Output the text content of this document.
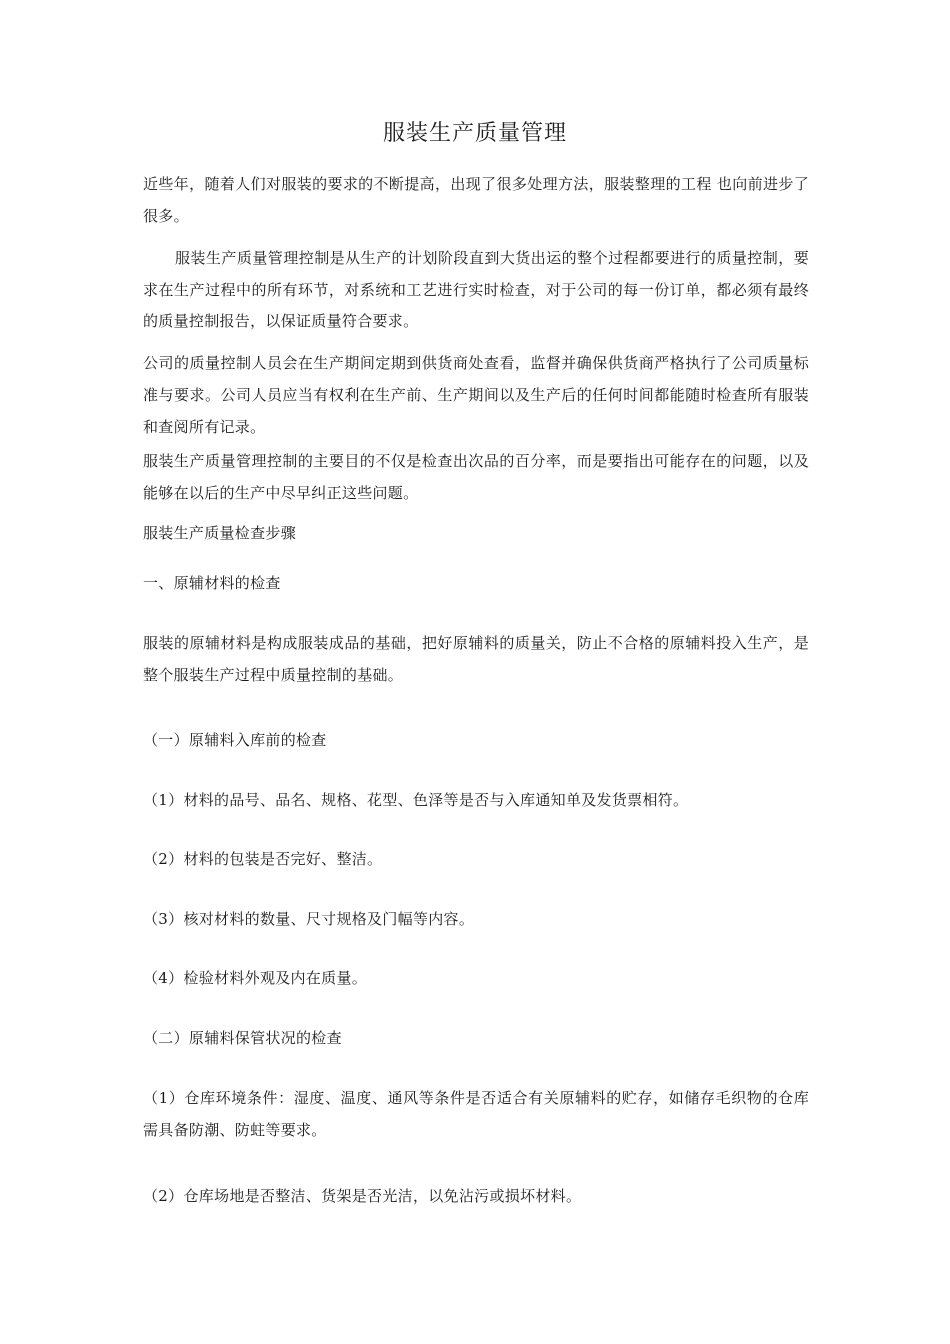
服装生产质量管理

近些年，随着人们对服装的要求的不断提高，出现了很多处理方法，服装整理的工程 也向前进步了很多。

服装生产质量管理控制是从生产的计划阶段直到大货出运的整个过程都要进行的质量控制，要求在生产过程中的所有环节，对系统和工艺进行实时检查，对于公司的每一份订单，都必须有最终的质量控制报告，以保证质量符合要求。

公司的质量控制人员会在生产期间定期到供货商处查看，监督并确保供货商严格执行了公司质量标准与要求。公司人员应当有权利在生产前、生产期间以及生产后的任何时间都能随时检查所有服装和查阅所有记录。

服装生产质量管理控制的主要目的不仅是检查出次品的百分率，而是要指出可能存在的问题，以及能够在以后的生产中尽早纠正这些问题。

服装生产质量检查步骤

一、原辅材料的检查

服装的原辅材料是构成服装成品的基础，把好原辅料的质量关，防止不合格的原辅料投入生产，是整个服装生产过程中质量控制的基础。

（一）原辅料入库前的检查

（1）材料的品号、品名、规格、花型、色泽等是否与入库通知单及发货票相符。

（2）材料的包装是否完好、整洁。

（3）核对材料的数量、尺寸规格及门幅等内容。

（4）检验材料外观及内在质量。

（二）原辅料保管状况的检查

（1）仓库环境条件：湿度、温度、通风等条件是否适合有关原辅料的贮存，如储存毛织物的仓库需具备防潮、防蛀等要求。

（2）仓库场地是否整洁、货架是否光洁，以免沾污或损坏材料。
